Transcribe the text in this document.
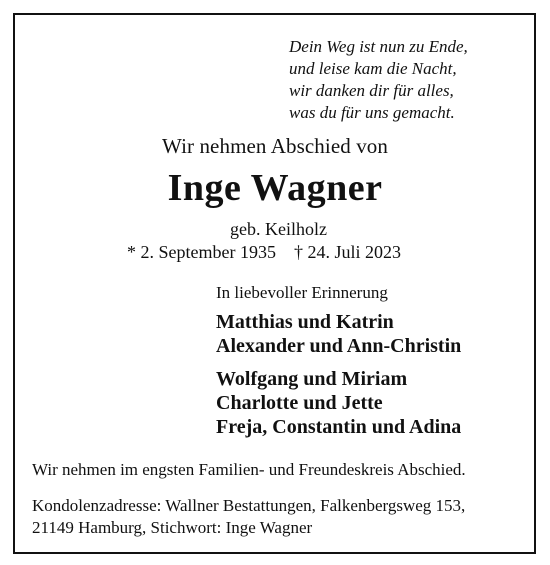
Dein Weg ist nun zu Ende,
und leise kam die Nacht,
wir danken dir für alles,
was du für uns gemacht.
Wir nehmen Abschied von
Inge Wagner
geb. Keilholz
* 2. September 1935 † 24. Juli 2023
In liebevoller Erinnerung
Matthias und Katrin
Alexander und Ann-Christin
Wolfgang und Miriam
Charlotte und Jette
Freja, Constantin und Adina
Wir nehmen im engsten Familien- und Freundeskreis Abschied.
Kondolenzadresse: Wallner Bestattungen, Falkenbergsweg 153,
21149 Hamburg, Stichwort: Inge Wagner
